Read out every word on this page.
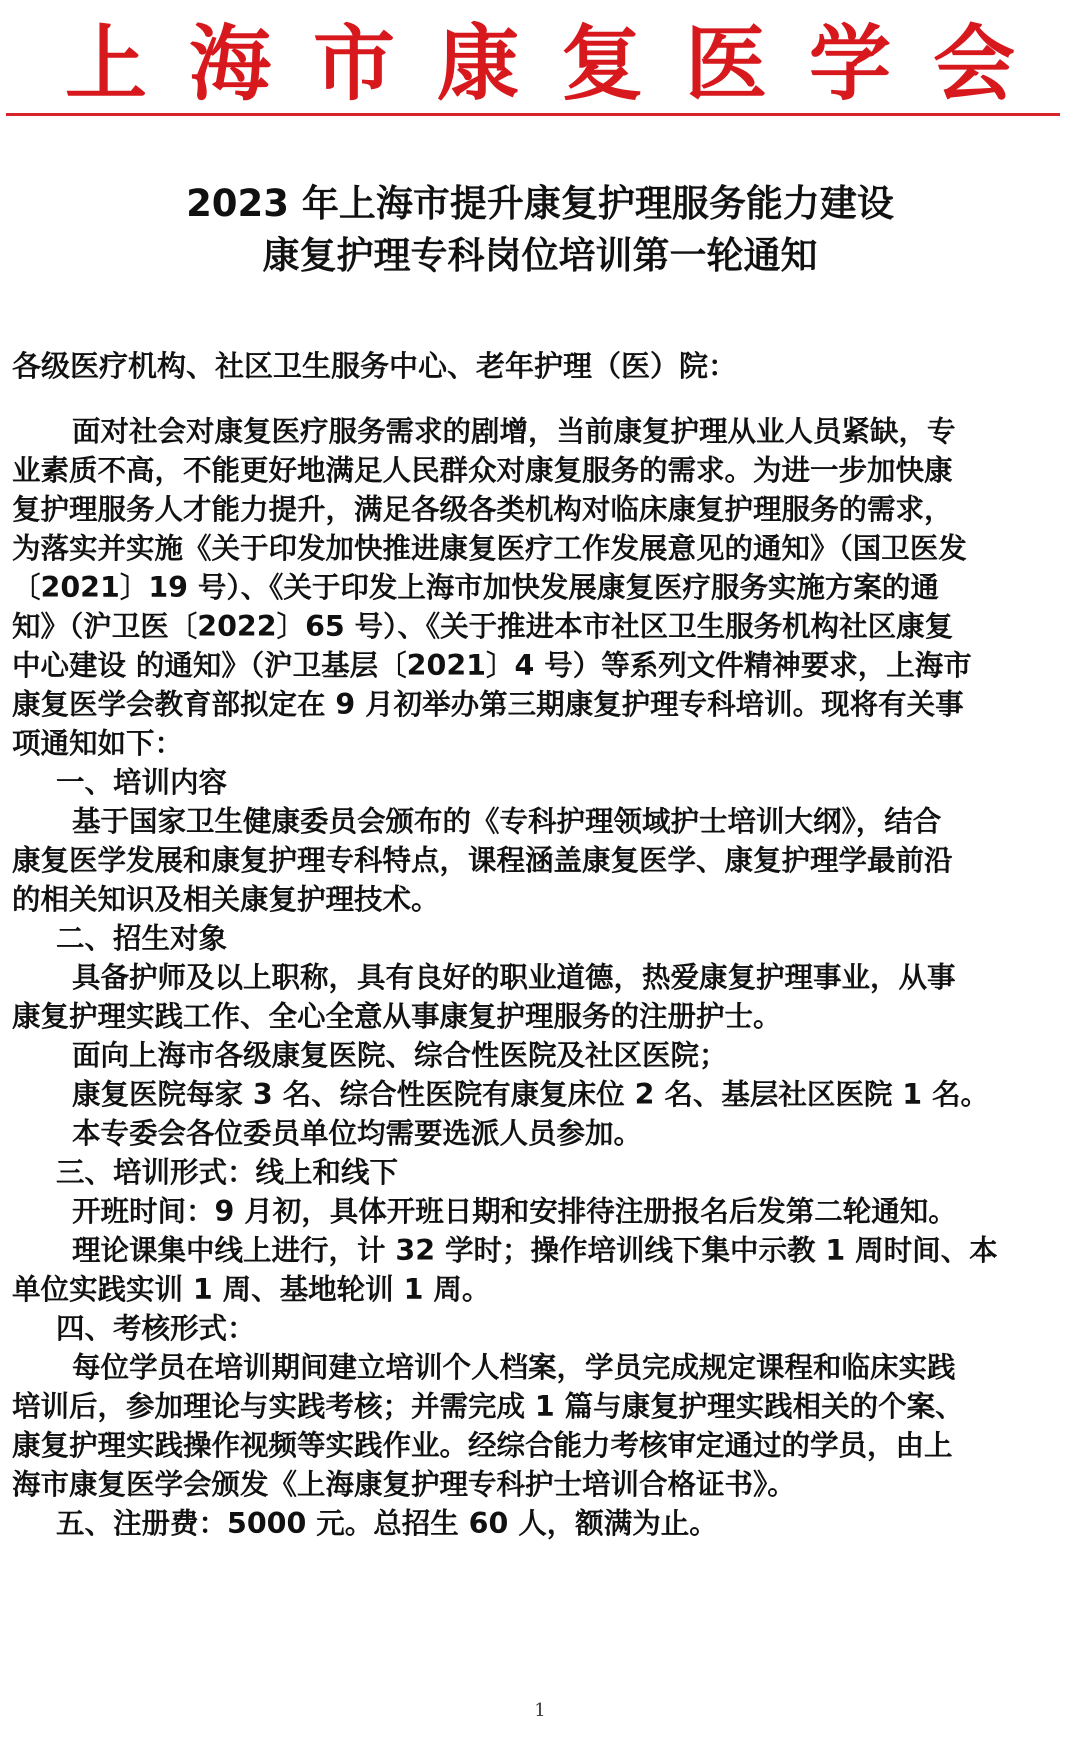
上海市康复医学会
2023 年上海市提升康复护理服务能力建设
康复护理专科岗位培训第一轮通知
各级医疗机构、社区卫生服务中心、老年护理（医）院：
面对社会对康复医疗服务需求的剧增，当前康复护理从业人员紧缺，专
业素质不高，不能更好地满足人民群众对康复服务的需求。为进一步加快康
复护理服务人才能力提升，满足各级各类机构对临床康复护理服务的需求，
为落实并实施《关于印发加快推进康复医疗工作发展意见的通知》（国卫医发
〔2021〕19 号）、《关于印发上海市加快发展康复医疗服务实施方案的通
知》（沪卫医〔2022〕65 号）、《关于推进本市社区卫生服务机构社区康复
中心建设 的通知》（沪卫基层〔2021〕4 号）等系列文件精神要求，上海市
康复医学会教育部拟定在 9 月初举办第三期康复护理专科培训。现将有关事
项通知如下：
一、培训内容
基于国家卫生健康委员会颁布的《专科护理领域护士培训大纲》，结合
康复医学发展和康复护理专科特点，课程涵盖康复医学、康复护理学最前沿
的相关知识及相关康复护理技术。
二、招生对象
具备护师及以上职称，具有良好的职业道德，热爱康复护理事业，从事
康复护理实践工作、全心全意从事康复护理服务的注册护士。
面向上海市各级康复医院、综合性医院及社区医院；
康复医院每家 3 名、综合性医院有康复床位 2 名、基层社区医院 1 名。
本专委会各位委员单位均需要选派人员参加。
三、培训形式：线上和线下
开班时间：9 月初，具体开班日期和安排待注册报名后发第二轮通知。
理论课集中线上进行，计 32 学时；操作培训线下集中示教 1 周时间、本
单位实践实训 1 周、基地轮训 1 周。
四、考核形式：
每位学员在培训期间建立培训个人档案，学员完成规定课程和临床实践
培训后，参加理论与实践考核；并需完成 1 篇与康复护理实践相关的个案、
康复护理实践操作视频等实践作业。经综合能力考核审定通过的学员，由上
海市康复医学会颁发《上海康复护理专科护士培训合格证书》。
五、注册费：5000 元。总招生 60 人，额满为止。
1
